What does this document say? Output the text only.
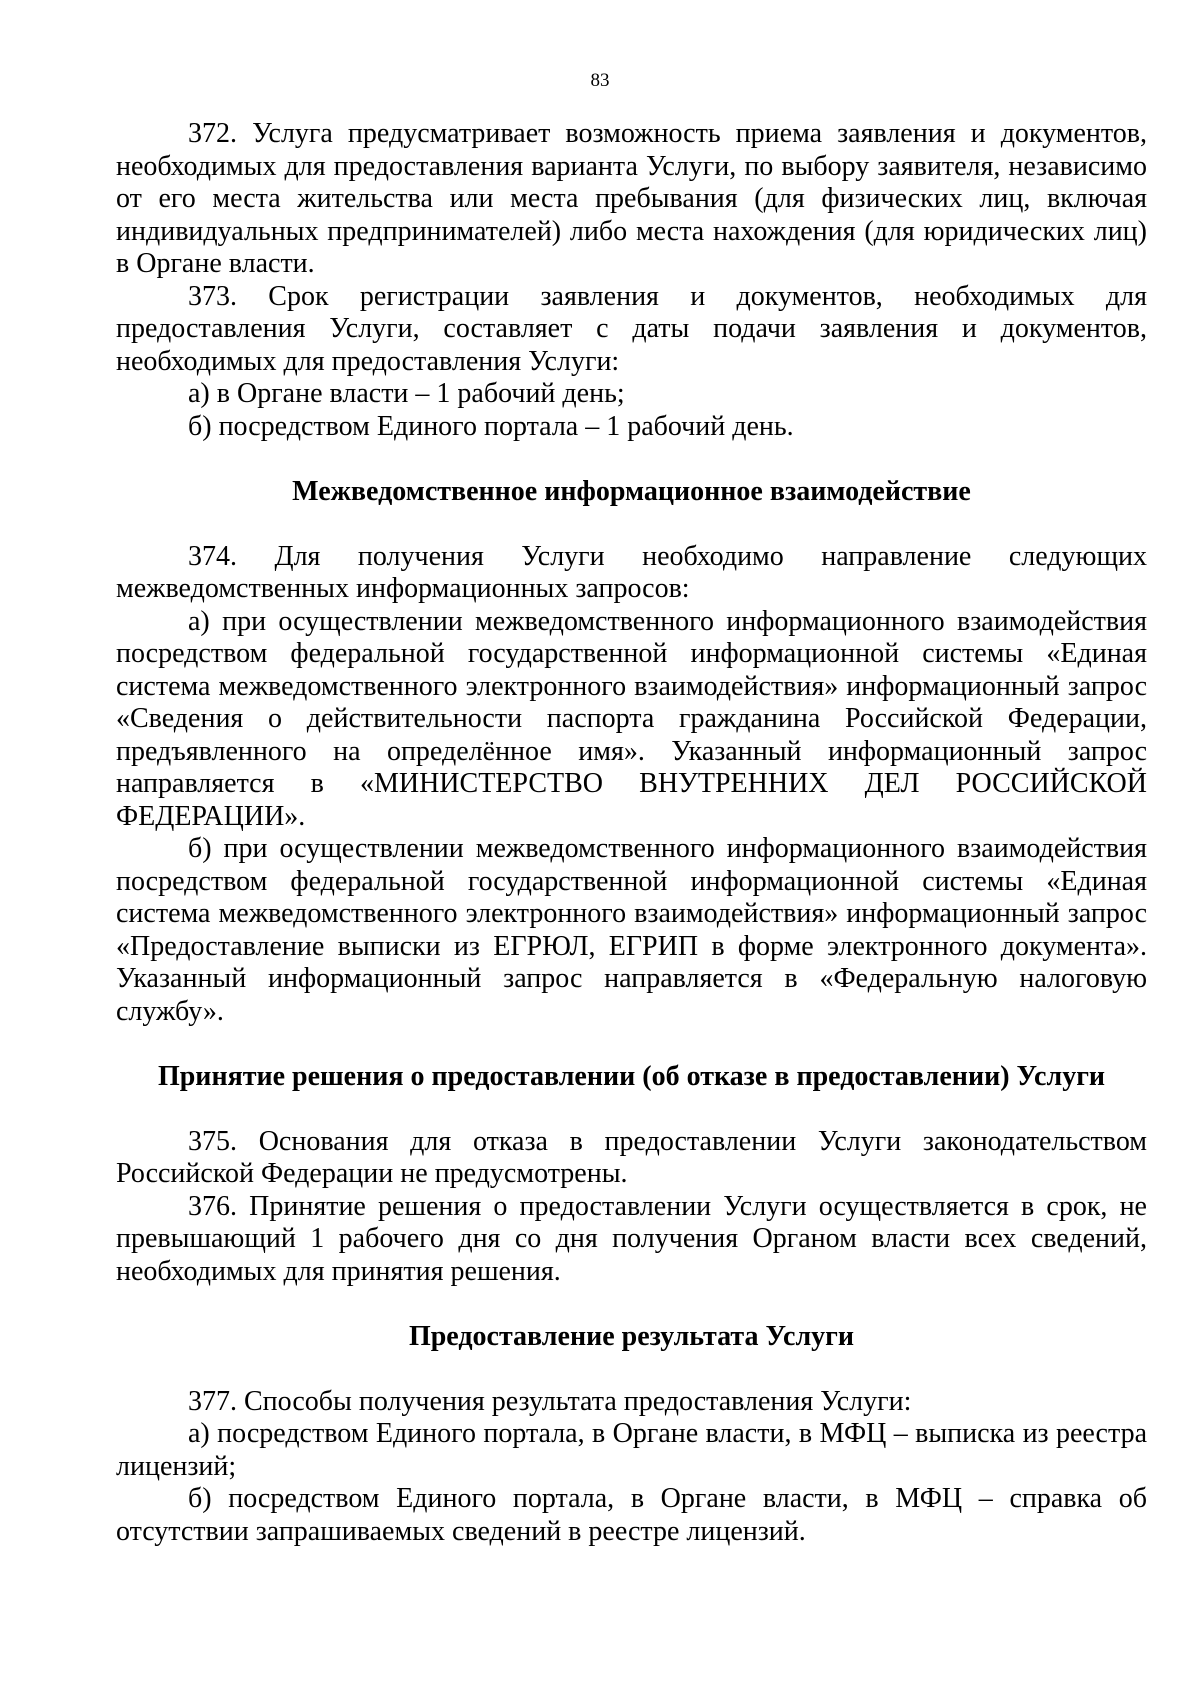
83

372. Услуга предусматривает возможность приема заявления и документов, необходимых для предоставления варианта Услуги, по выбору заявителя, независимо от его места жительства или места пребывания (для физических лиц, включая индивидуальных предпринимателей) либо места нахождения (для юридических лиц) в Органе власти.

373. Срок регистрации заявления и документов, необходимых для предоставления Услуги, составляет с даты подачи заявления и документов, необходимых для предоставления Услуги:

а) в Органе власти – 1 рабочий день;

б) посредством Единого портала – 1 рабочий день.

Межведомственное информационное взаимодействие

374. Для получения Услуги необходимо направление следующих межведомственных информационных запросов:

а) при осуществлении межведомственного информационного взаимодействия посредством федеральной государственной информационной системы «Единая система межведомственного электронного взаимодействия» информационный запрос «Сведения о действительности паспорта гражданина Российской Федерации, предъявленного на определённое имя». Указанный информационный запрос направляется в «МИНИСТЕРСТВО ВНУТРЕННИХ ДЕЛ РОССИЙСКОЙ ФЕДЕРАЦИИ».

б) при осуществлении межведомственного информационного взаимодействия посредством федеральной государственной информационной системы «Единая система межведомственного электронного взаимодействия» информационный запрос «Предоставление выписки из ЕГРЮЛ, ЕГРИП в форме электронного документа». Указанный информационный запрос направляется в «Федеральную налоговую службу».

Принятие решения о предоставлении (об отказе в предоставлении) Услуги

375. Основания для отказа в предоставлении Услуги законодательством Российской Федерации не предусмотрены.

376. Принятие решения о предоставлении Услуги осуществляется в срок, не превышающий 1 рабочего дня со дня получения Органом власти всех сведений, необходимых для принятия решения.

Предоставление результата Услуги

377. Способы получения результата предоставления Услуги:

а) посредством Единого портала, в Органе власти, в МФЦ – выписка из реестра лицензий;

б) посредством Единого портала, в Органе власти, в МФЦ – справка об отсутствии запрашиваемых сведений в реестре лицензий.
